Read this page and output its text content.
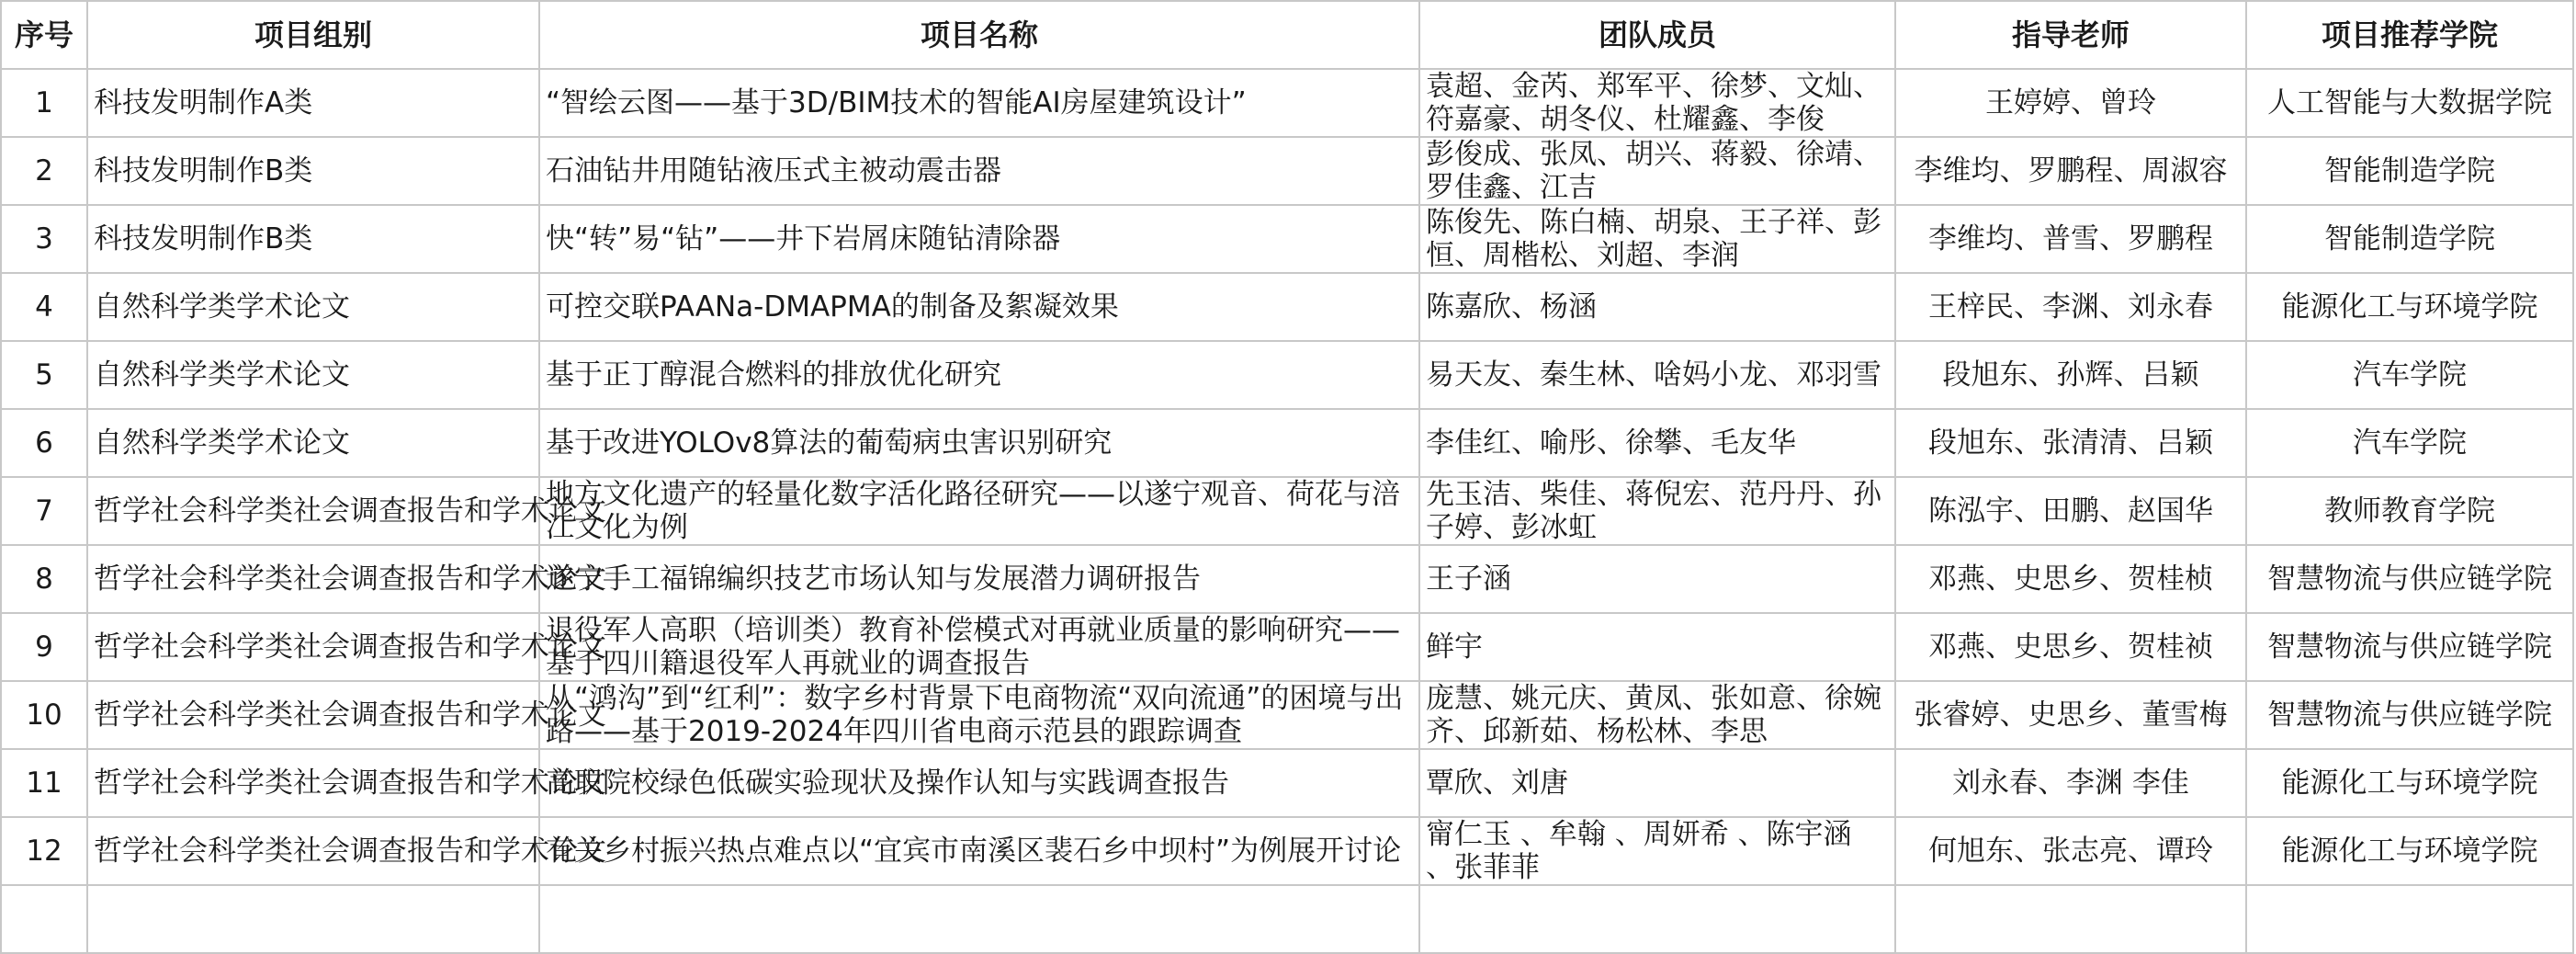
序号	项目组别	项目名称	团队成员	指导老师	项目推荐学院

1	科技发明制作A类	“智绘云图——基于3D/BIM技术的智能AI房屋建筑设计”	袁超、金芮、郑军平、徐梦、文灿、符嘉豪、胡冬仪、杜耀鑫、李俊	王婷婷、曾玲	人工智能与大数据学院

2	科技发明制作B类	石油钻井用随钻液压式主被动震击器	彭俊成、张凤、胡兴、蒋毅、徐靖、罗佳鑫、江吉	李维均、罗鹏程、周淑容	智能制造学院

3	科技发明制作B类	快“转”易“钻”——井下岩屑床随钻清除器	陈俊先、陈白楠、胡泉、王子祥、彭恒、周楷松、刘超、李润	李维均、普雪、罗鹏程	智能制造学院

4	自然科学类学术论文	可控交联PAANa-DMAPMA的制备及絮凝效果	陈嘉欣、杨涵	王梓民、李渊、刘永春	能源化工与环境学院

5	自然科学类学术论文	基于正丁醇混合燃料的排放优化研究	易天友、秦生林、啥妈小龙、邓羽雪	段旭东、孙辉、吕颖	汽车学院

6	自然科学类学术论文	基于改进YOLOv8算法的葡萄病虫害识别研究	李佳红、喻彤、徐攀、毛友华	段旭东、张清清、吕颖	汽车学院

7	哲学社会科学类社会调查报告和学术论文	地方文化遗产的轻量化数字活化路径研究——以遂宁观音、荷花与涪江文化为例	先玉洁、柴佳、蒋倪宏、范丹丹、孙子婷、彭冰虹	陈泓宇、田鹏、赵国华	教师教育学院

8	哲学社会科学类社会调查报告和学术论文	遂宁手工福锦编织技艺市场认知与发展潜力调研报告	王子涵	邓燕、史思乡、贺桂桢	智慧物流与供应链学院

9	哲学社会科学类社会调查报告和学术论文	退役军人高职（培训类）教育补偿模式对再就业质量的影响研究——基于四川籍退役军人再就业的调查报告	鲜宇	邓燕、史思乡、贺桂祯	智慧物流与供应链学院

10	哲学社会科学类社会调查报告和学术论文	从“鸿沟”到“红利”：数字乡村背景下电商物流“双向流通”的困境与出路——基于2019-2024年四川省电商示范县的跟踪调查	庞慧、姚元庆、黄凤、张如意、徐婉齐、邱新茹、杨松林、李思	张睿婷、史思乡、董雪梅	智慧物流与供应链学院

11	哲学社会科学类社会调查报告和学术论文	高职院校绿色低碳实验现状及操作认知与实践调查报告	覃欣、刘唐	刘永春、李渊 李佳	能源化工与环境学院

12	哲学社会科学类社会调查报告和学术论文	有关乡村振兴热点难点以“宜宾市南溪区裴石乡中坝村”为例展开讨论	甯仁玉 、牟翰 、周妍希 、陈宇涵 、张菲菲	何旭东、张志亮、谭玲	能源化工与环境学院
